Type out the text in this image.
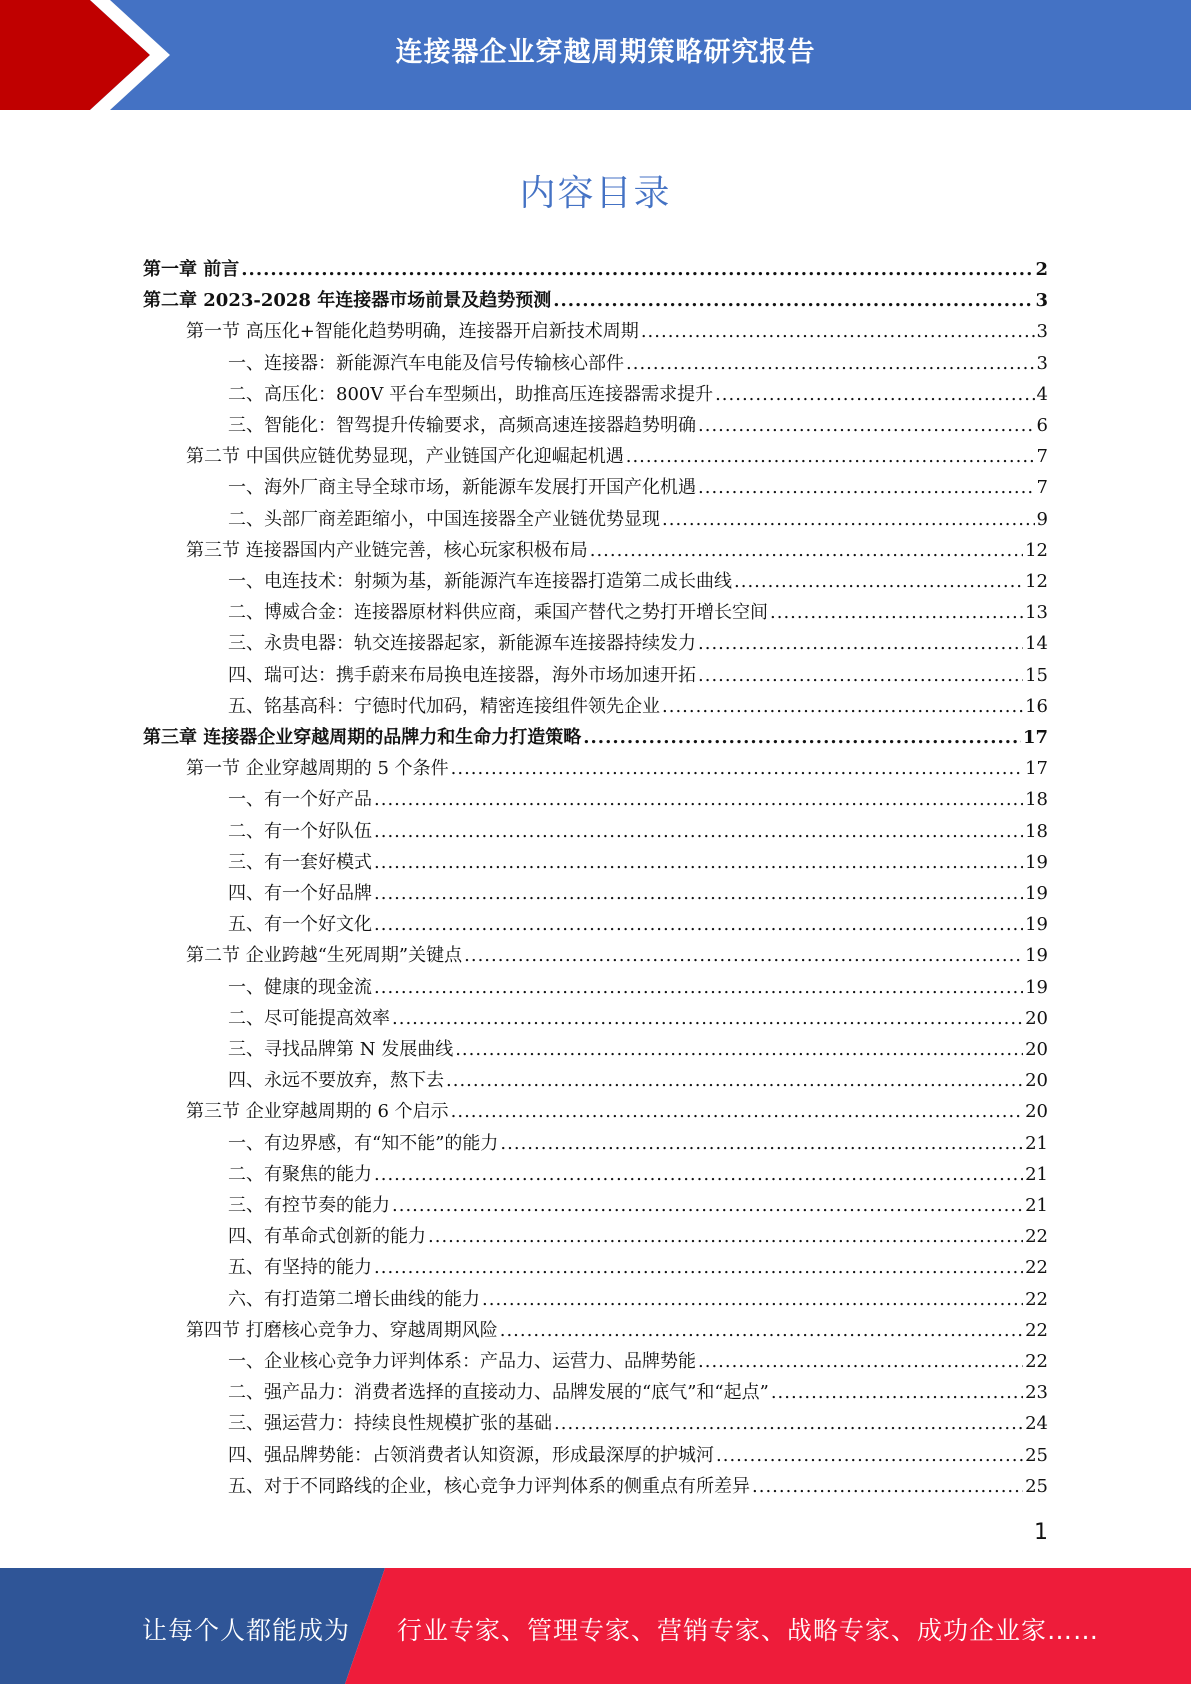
连接器企业穿越周期策略研究报告
内容目录
第一章 前言 .....	2
第二章 2023-2028 年连接器市场前景及趋势预测 .....	3
第一节 高压化+智能化趋势明确，连接器开启新技术周期 .....	3
一、连接器：新能源汽车电能及信号传输核心部件 .....	3
二、高压化：800V 平台车型频出，助推高压连接器需求提升 .....	4
三、智能化：智驾提升传输要求，高频高速连接器趋势明确 .....	6
第二节 中国供应链优势显现，产业链国产化迎崛起机遇 .....	7
一、海外厂商主导全球市场，新能源车发展打开国产化机遇 .....	7
二、头部厂商差距缩小，中国连接器全产业链优势显现 .....	9
第三节 连接器国内产业链完善，核心玩家积极布局 .....	12
一、电连技术：射频为基，新能源汽车连接器打造第二成长曲线 .....	12
二、博威合金：连接器原材料供应商，乘国产替代之势打开增长空间 .....	13
三、永贵电器：轨交连接器起家，新能源车连接器持续发力 .....	14
四、瑞可达：携手蔚来布局换电连接器，海外市场加速开拓 .....	15
五、铭基高科：宁德时代加码，精密连接组件领先企业 .....	16
第三章 连接器企业穿越周期的品牌力和生命力打造策略 .....	17
第一节 企业穿越周期的 5 个条件 .....	17
一、有一个好产品 .....	18
二、有一个好队伍 .....	18
三、有一套好模式 .....	19
四、有一个好品牌 .....	19
五、有一个好文化 .....	19
第二节 企业跨越“生死周期”关键点 .....	19
一、健康的现金流 .....	19
二、尽可能提高效率 .....	20
三、寻找品牌第 N 发展曲线 .....	20
四、永远不要放弃，熬下去 .....	20
第三节 企业穿越周期的 6 个启示 .....	20
一、有边界感，有“知不能”的能力 .....	21
二、有聚焦的能力 .....	21
三、有控节奏的能力 .....	21
四、有革命式创新的能力 .....	22
五、有坚持的能力 .....	22
六、有打造第二增长曲线的能力 .....	22
第四节 打磨核心竞争力、穿越周期风险 .....	22
一、企业核心竞争力评判体系：产品力、运营力、品牌势能 .....	22
二、强产品力：消费者选择的直接动力、品牌发展的“底气”和“起点” .....	23
三、强运营力：持续良性规模扩张的基础 .....	24
四、强品牌势能：占领消费者认知资源，形成最深厚的护城河 .....	25
五、对于不同路线的企业，核心竞争力评判体系的侧重点有所差异 .....	25
1
让每个人都能成为 行业专家、管理专家、营销专家、战略专家、成功企业家……
